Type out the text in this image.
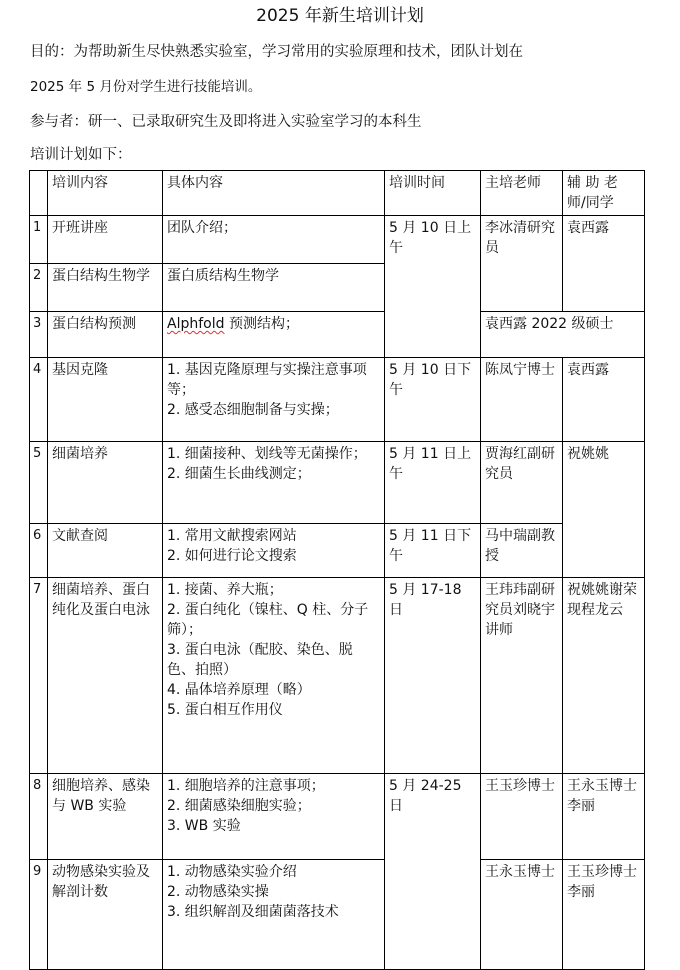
2025 年新生培训计划
目的：为帮助新生尽快熟悉实验室，学习常用的实验原理和技术，团队计划在
2025 年 5 月份对学生进行技能培训。
参与者：研一、已录取研究生及即将进入实验室学习的本科生
培训计划如下：
	培训内容	具体内容	培训时间	主培老师	辅 助 老 师/同学
1	开班讲座	团队介绍；	5 月 10 日上午	李冰清研究员	袁西露
2	蛋白结构生物学	蛋白质结构生物学			

3	蛋白结构预测	Alphfold 预测结构；		袁西露 2022 级硕士	
4	基因克隆	1. 基因克隆原理与实操注意事项等；
2. 感受态细胞制备与实操；	5 月 10 日下午	陈凤宁博士	袁西露
5	细菌培养	1. 细菌接种、划线等无菌操作；
2. 细菌生长曲线测定；	5 月 11 日上午	贾海红副研究员	祝姚姚
6	文献查阅	1. 常用文献搜索网站
2. 如何进行论文搜索	5 月 11 日下午	马中瑞副教授	
7	细菌培养、蛋白纯化及蛋白电泳	1. 接菌、养大瓶；
2. 蛋白纯化（镍柱、Q 柱、分子筛）；
3. 蛋白电泳（配胶、染色、脱色、拍照）
4. 晶体培养原理（略）
5. 蛋白相互作用仪	5 月 17-18 日	王玮玮副研究员刘晓宇讲师	祝姚姚谢荣现程龙云
8	细胞培养、感染与 WB 实验	1. 细胞培养的注意事项；
2. 细菌感染细胞实验；
3. WB 实验	5 月 24-25 日	王玉珍博士	王永玉博士李丽
9	动物感染实验及解剖计数	1. 动物感染实验介绍
2. 动物感染实操
3. 组织解剖及细菌菌落技术		王永玉博士	王玉珍博士李丽
